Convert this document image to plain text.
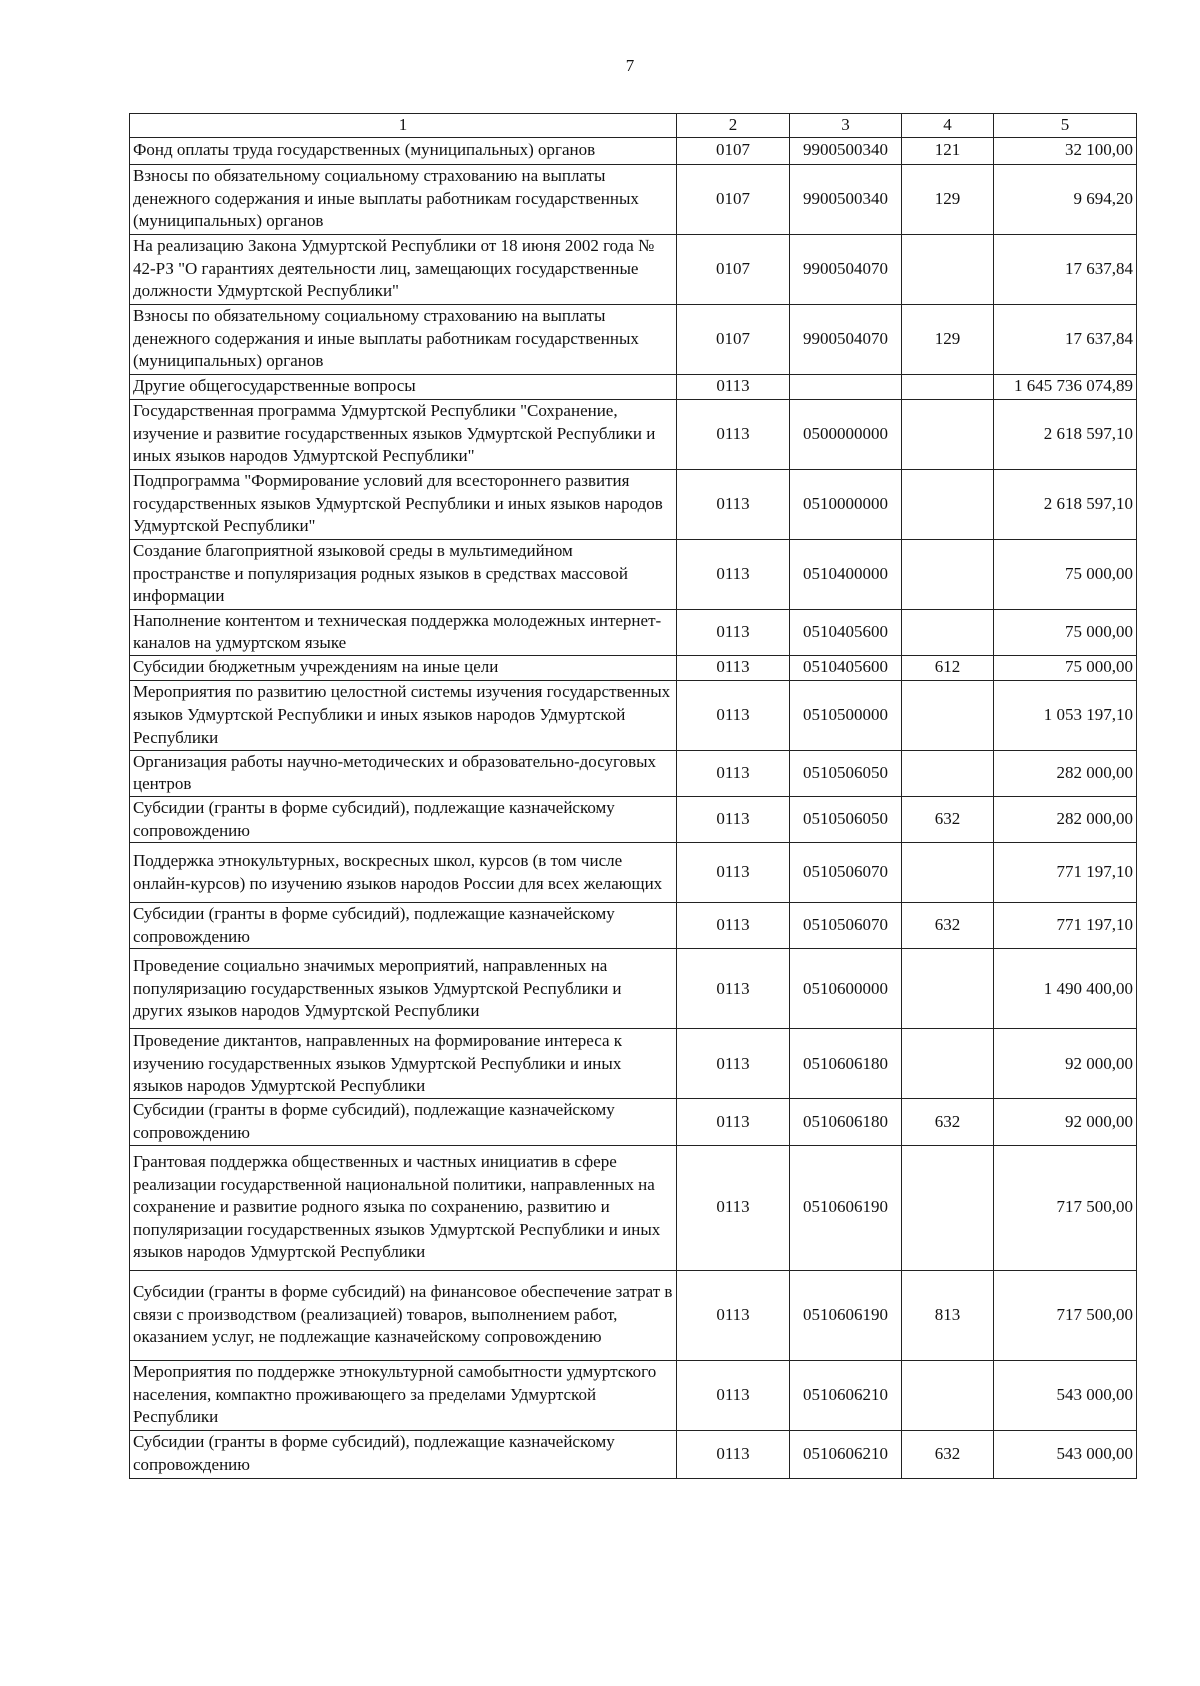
7
1	2	3	4	5
Фонд оплаты труда государственных (муниципальных) органов	0107	9900500340	121	32 100,00
Взносы по обязательному социальному страхованию на выплаты денежного содержания и иные выплаты работникам государственных (муниципальных) органов	0107	9900500340	129	9 694,20
На реализацию Закона Удмуртской Республики от 18 июня 2002 года № 42-РЗ "О гарантиях деятельности лиц, замещающих государственные должности Удмуртской Республики"	0107	9900504070		17 637,84
Взносы по обязательному социальному страхованию на выплаты денежного содержания и иные выплаты работникам государственных (муниципальных) органов	0107	9900504070	129	17 637,84
Другие общегосударственные вопросы	0113			1 645 736 074,89
Государственная программа Удмуртской Республики "Сохранение, изучение и развитие государственных языков Удмуртской Республики и иных языков народов Удмуртской Республики"	0113	0500000000		2 618 597,10
Подпрограмма "Формирование условий для всестороннего развития государственных языков Удмуртской Республики и иных языков народов Удмуртской Республики"	0113	0510000000		2 618 597,10
Создание благоприятной языковой среды в мультимедийном пространстве и популяризация родных языков в средствах массовой информации	0113	0510400000		75 000,00
Наполнение контентом и техническая поддержка молодежных интернет-каналов на удмуртском языке	0113	0510405600		75 000,00
Субсидии бюджетным учреждениям на иные цели	0113	0510405600	612	75 000,00
Мероприятия по развитию целостной системы изучения государственных языков Удмуртской Республики и иных языков народов Удмуртской Республики	0113	0510500000		1 053 197,10
Организация работы научно-методических и образовательно-досуговых центров	0113	0510506050		282 000,00
Субсидии (гранты в форме субсидий), подлежащие казначейскому сопровождению	0113	0510506050	632	282 000,00
Поддержка этнокультурных, воскресных школ, курсов (в том числе онлайн-курсов) по изучению языков народов России для всех желающих	0113	0510506070		771 197,10
Субсидии (гранты в форме субсидий), подлежащие казначейскому сопровождению	0113	0510506070	632	771 197,10
Проведение социально значимых мероприятий, направленных на популяризацию государственных языков Удмуртской Республики и других языков народов Удмуртской Республики	0113	0510600000		1 490 400,00
Проведение диктантов, направленных на формирование интереса к изучению государственных языков Удмуртской Республики и иных языков народов Удмуртской Республики	0113	0510606180		92 000,00
Субсидии (гранты в форме субсидий), подлежащие казначейскому сопровождению	0113	0510606180	632	92 000,00
Грантовая поддержка общественных и частных инициатив в сфере реализации государственной национальной политики, направленных на сохранение и развитие родного языка по сохранению, развитию и популяризации государственных языков Удмуртской Республики и иных языков народов Удмуртской Республики	0113	0510606190		717 500,00
Субсидии (гранты в форме субсидий) на финансовое обеспечение затрат в связи с производством (реализацией) товаров, выполнением работ, оказанием услуг, не подлежащие казначейскому сопровождению	0113	0510606190	813	717 500,00
Мероприятия по поддержке этнокультурной самобытности удмуртского населения, компактно проживающего за пределами Удмуртской Республики	0113	0510606210		543 000,00
Субсидии (гранты в форме субсидий), подлежащие казначейскому сопровождению	0113	0510606210	632	543 000,00
